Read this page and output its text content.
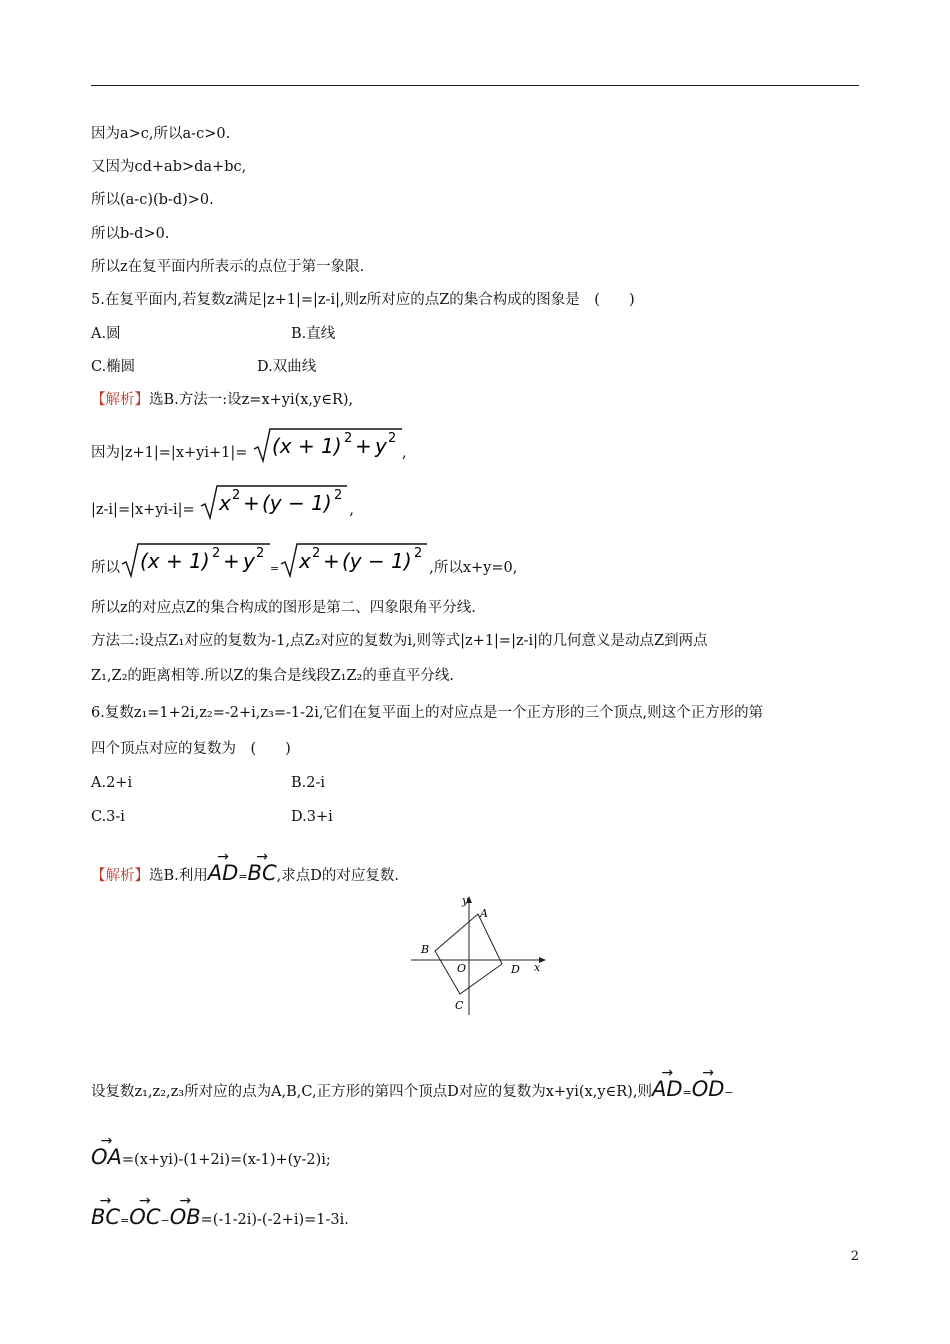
因为a>c,所以a-c>0.
又因为cd+ab>da+bc,
所以(a-c)(b-d)>0.
所以b-d>0.
所以z在复平面内所表示的点位于第一象限.
5.在复平面内,若复数z满足|z+1|=|z-i|,则z所对应的点Z的集合构成的图象是　(　　)
A.圆	B.直线
C.椭圆	D.双曲线
【解析】选B.方法一:设z=x+yi(x,y∈R),
因为|z+1|=|x+yi+1|= (x + 1) 2 + y 2
,
|z-i|=|x+yi-i|= x 2 + (y − 1) 2
,
所以 (x + 1) 2 + y 2
= x 2 + (y − 1) 2
,所以x+y=0,
所以z的对应点Z的集合构成的图形是第二、四象限角平分线.
方法二:设点Z₁对应的复数为-1,点Z₂对应的复数为i,则等式|z+1|=|z-i|的几何意义是动点Z到两点
Z₁,Z₂的距离相等.所以Z的集合是线段Z₁Z₂的垂直平分线.
6.复数z₁=1+2i,z₂=-2+i,z₃=-1-2i,它们在复平面上的对应点是一个正方形的三个顶点,则这个正方形的第
四个顶点对应的复数为　(　　)
A.2+i	B.2-i
C.3-i	D.3+i
【解析】选B.利用
→
AD=
→
BC,求点D的对应复数.
y
x
O
A
B
C
D
设复数z₁,z₂,z₃所对应的点为A,B,C,正方形的第四个顶点D对应的复数为x+yi(x,y∈R),则
→
AD=
→
OD−
→
OA=(x+yi)-(1+2i)=(x-1)+(y-2)i;
→
BC=
→
OC−
→
OB=(-1-2i)-(-2+i)=1-3i.
2
